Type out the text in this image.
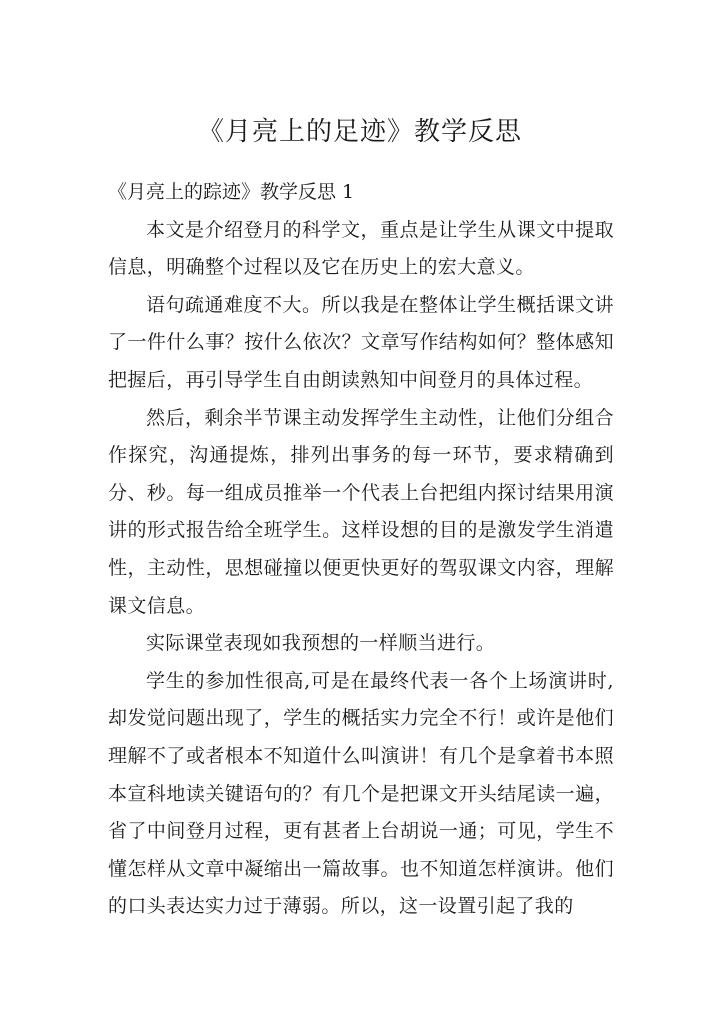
《月亮上的足迹》教学反思

《月亮上的踪迹》教学反思 1

本文是介绍登月的科学文，重点是让学生从课文中提取信息，明确整个过程以及它在历史上的宏大意义。

语句疏通难度不大。所以我是在整体让学生概括课文讲了一件什么事？按什么依次？文章写作结构如何？整体感知把握后，再引导学生自由朗读熟知中间登月的具体过程。

然后，剩余半节课主动发挥学生主动性，让他们分组合作探究，沟通提炼，排列出事务的每一环节，要求精确到分、秒。每一组成员推举一个代表上台把组内探讨结果用演讲的形式报告给全班学生。这样设想的目的是激发学生消遣性，主动性，思想碰撞以便更快更好的驾驭课文内容，理解课文信息。

实际课堂表现如我预想的一样顺当进行。

学生的参加性很高,可是在最终代表一各个上场演讲时,却发觉问题出现了，学生的概括实力完全不行！或许是他们理解不了或者根本不知道什么叫演讲！有几个是拿着书本照本宣科地读关键语句的？有几个是把课文开头结尾读一遍，省了中间登月过程，更有甚者上台胡说一通；可见，学生不懂怎样从文章中凝缩出一篇故事。也不知道怎样演讲。他们的口头表达实力过于薄弱。所以，这一设置引起了我的
